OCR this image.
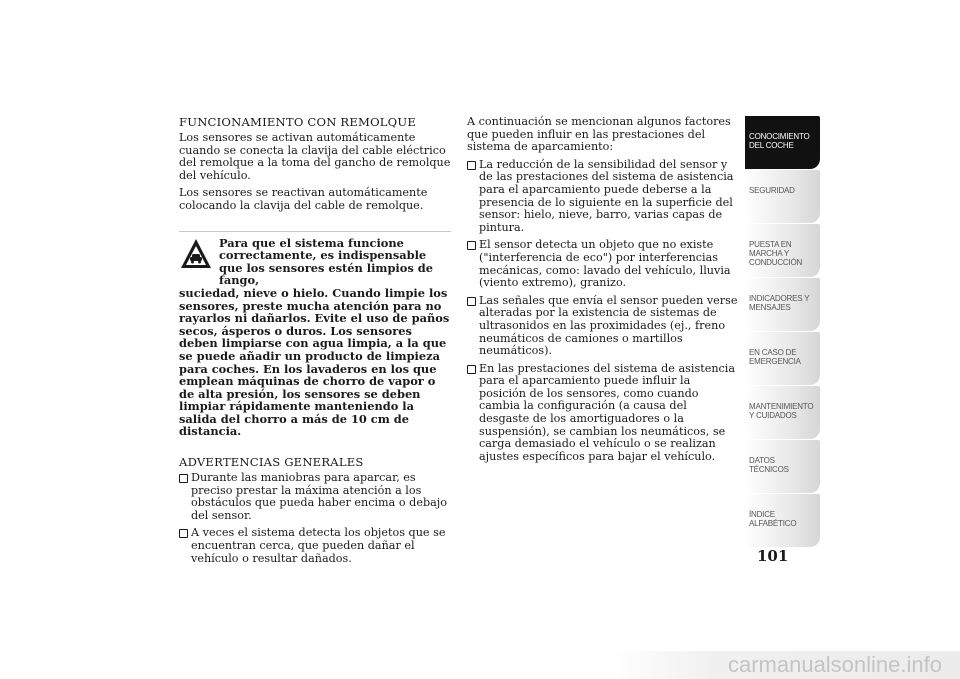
FUNCIONAMIENTO CON REMOLQUE

Los sensores se activan automáticamente cuando se conecta la clavija del cable eléctrico del remolque a la toma del gancho de remolque del vehículo.

Los sensores se reactivan automáticamente colocando la clavija del cable de remolque.

Para que el sistema funcione correctamente, es indispensable que los sensores estén limpios de fango,
suciedad, nieve o hielo. Cuando limpie los sensores, preste mucha atención para no rayarlos ni dañarlos. Evite el uso de paños secos, ásperos o duros. Los sensores deben limpiarse con agua limpia, a la que se puede añadir un producto de limpieza para coches. En los lavaderos en los que emplean máquinas de chorro de vapor o de alta presión, los sensores se deben limpiar rápidamente manteniendo la salida del chorro a más de 10 cm de distancia.
ADVERTENCIAS GENERALES
Durante las maniobras para aparcar, es preciso prestar la máxima atención a los obstáculos que pueda haber encima o debajo del sensor.
A veces el sistema detecta los objetos que se encuentran cerca, que pueden dañar el vehículo o resultar dañados.

A continuación se mencionan algunos factores que pueden influir en las prestaciones del sistema de aparcamiento:

La reducción de la sensibilidad del sensor y de las prestaciones del sistema de asistencia para el aparcamiento puede deberse a la presencia de lo siguiente en la superficie del sensor: hielo, nieve, barro, varias capas de pintura.
El sensor detecta un objeto que no existe ("interferencia de eco") por interferencias mecánicas, como: lavado del vehículo, lluvia (viento extremo), granizo.
Las señales que envía el sensor pueden verse alteradas por la existencia de sistemas de ultrasonidos en las proximidades (ej., freno neumáticos de camiones o martillos neumáticos).
En las prestaciones del sistema de asistencia para el aparcamiento puede influir la posición de los sensores, como cuando cambia la configuración (a causa del desgaste de los amortiguadores o la suspensión), se cambian los neumáticos, se carga demasiado el vehículo o se realizan ajustes específicos para bajar el vehículo.
CONOCIMIENTO DEL COCHE
SEGURIDAD
PUESTA EN MARCHA Y CONDUCCIÓN
INDICADORES Y MENSAJES
EN CASO DE EMERGENCIA
MANTENIMIENTO Y CUIDADOS
DATOS TÉCNICOS
ÍNDICE ALFABÉTICO
101
carmanualsonline.info
